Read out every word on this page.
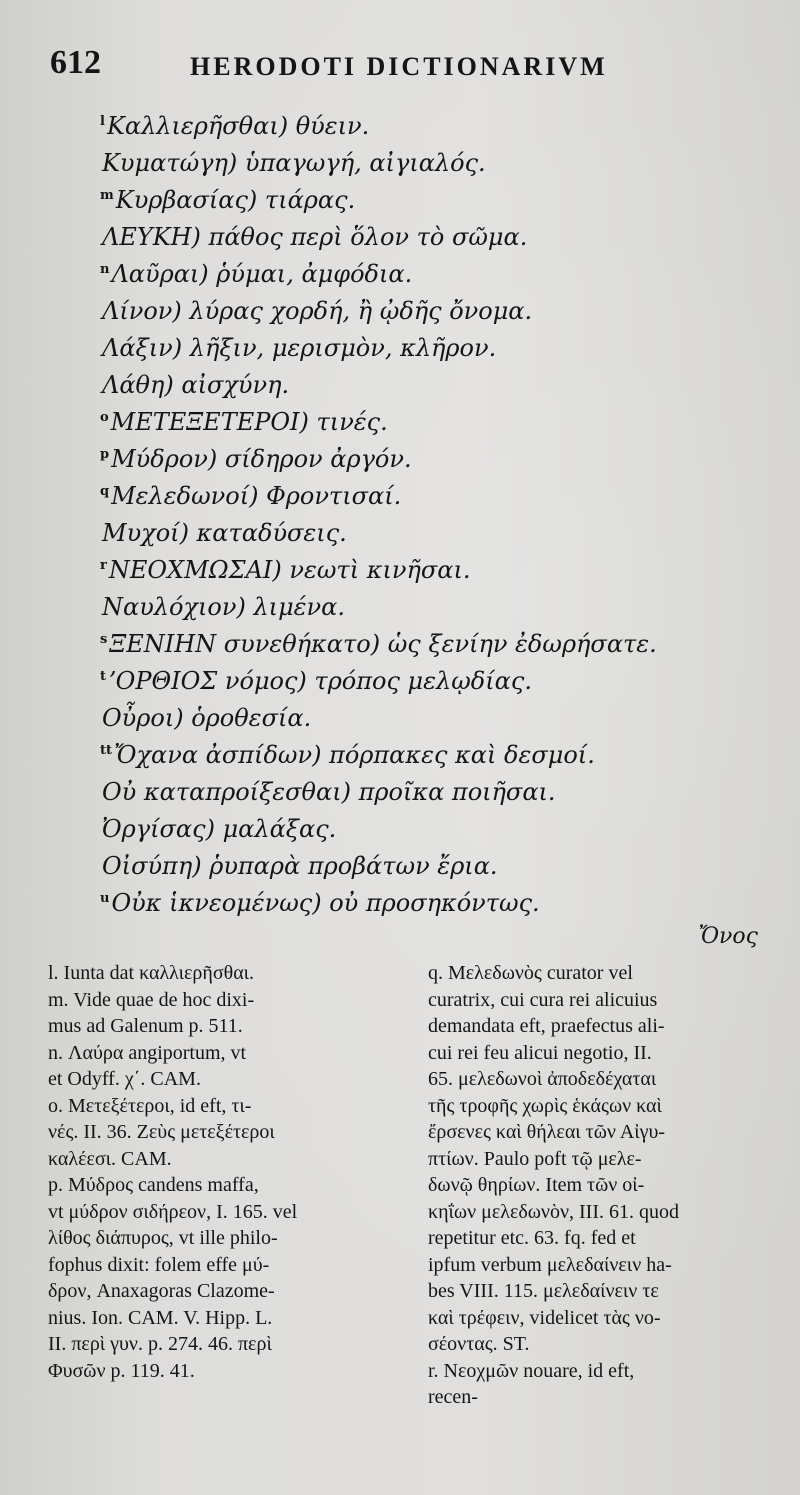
612	HERODOTI DICTIONARIVM
$^l$Καλλιερῆσθαι) θύειν.
Κυματώγη) ὑπαγωγή, αἰγιαλός.
$^m$Κυρβασίας) τιάρας.
ΛΕΥΚΗ) πάθος περὶ ὅλον τὸ σῶμα.
$^n$Λαῦραι) ῥύμαι, ἀμφόδια.
Λίνον) λύρας χορδή, ἢ ᾠδῆς ὄνομα.
Λάξιν) λῆξιν, μερισμὸν, κλῆρον.
Λάθη) αἰσχύνη.
$^o$ΜΕΤΕΞΕΤΕΡΟΙ) τινές.
$^p$Μύδρον) σίδηρον ἀργόν.
$^q$Μελεδωνοί) Φροντισαί.
Μυχοί) καταδύσεις.
$^r$ΝΕΟΧΜΩΣΑΙ) νεωτὶ κινῆσαι.
Ναυλόχιον) λιμένα.
$^s$ΞΕΝΙΗΝ συνεθήκατο) ὡς ξενίην ἐδωρήσατε.
$^t$ʼΟΡΘΙΟΣ νόμος) τρόπος μελῳδίας.
Οὖροι) ὁροθεσία.
$^{tt}$Ὄχανα ἀσπίδων) πόρπακες καὶ δεσμοί.
Οὐ καταπροίξεσθαι) προῖκα ποιῆσαι.
Ὀργίσας) μαλάξας.
Οἰσύπη) ῥυπαρὰ προβάτων ἔρια.
$^u$Οὐκ ἱκνεομένως) οὐ προσηκόντως.
Ὄνος
l. Iunta dat καλλιερῆσθαι.
m. Vide quae de hoc dixi-
mus ad Galenum p. 511.
n. Λαύρα angiportum, vt
et Odyff. χ΄. CAM.
o. Μετεξέτεροι, id eft, τι-
νές. II. 36. Ζεὺς μετεξέτεροι
καλέεσι. CAM.
p. Μύδρος candens maffa,
vt μύδρον σιδήρεον, I. 165. vel
λίθος διάπυρος, vt ille philo-
fophus dixit: folem effe μύ-
δρον, Anaxagoras Clazome-
nius. Ion. CAM. V. Hipp. L.
II. περὶ γυν. p. 274. 46. περὶ
Φυσῶν p. 119. 41.
q. Μελεδωνὸς curator vel
curatrix, cui cura rei alicuius
demandata eft, praefectus ali-
cui rei feu alicui negotio, II.
65. μελεδωνοὶ ἀποδεδέχαται
τῆς τροφῆς χωρὶς ἑκάςων καὶ
ἔρσενες καὶ θήλεαι τῶν Αἰγυ-
πτίων. Paulo poft τῷ μελε-
δωνῷ θηρίων. Item τῶν οἰ-
κηΐων μελεδωνὸν, III. 61. quod
repetitur etc. 63. fq. fed et
ipfum verbum μελεδαίνειν ha-
bes VIII. 115. μελεδαίνειν τε
καὶ τρέφειν, videlicet τὰς νο-
σέοντας. ST.
r. Νεοχμῶν nouare, id eft,
recen-
